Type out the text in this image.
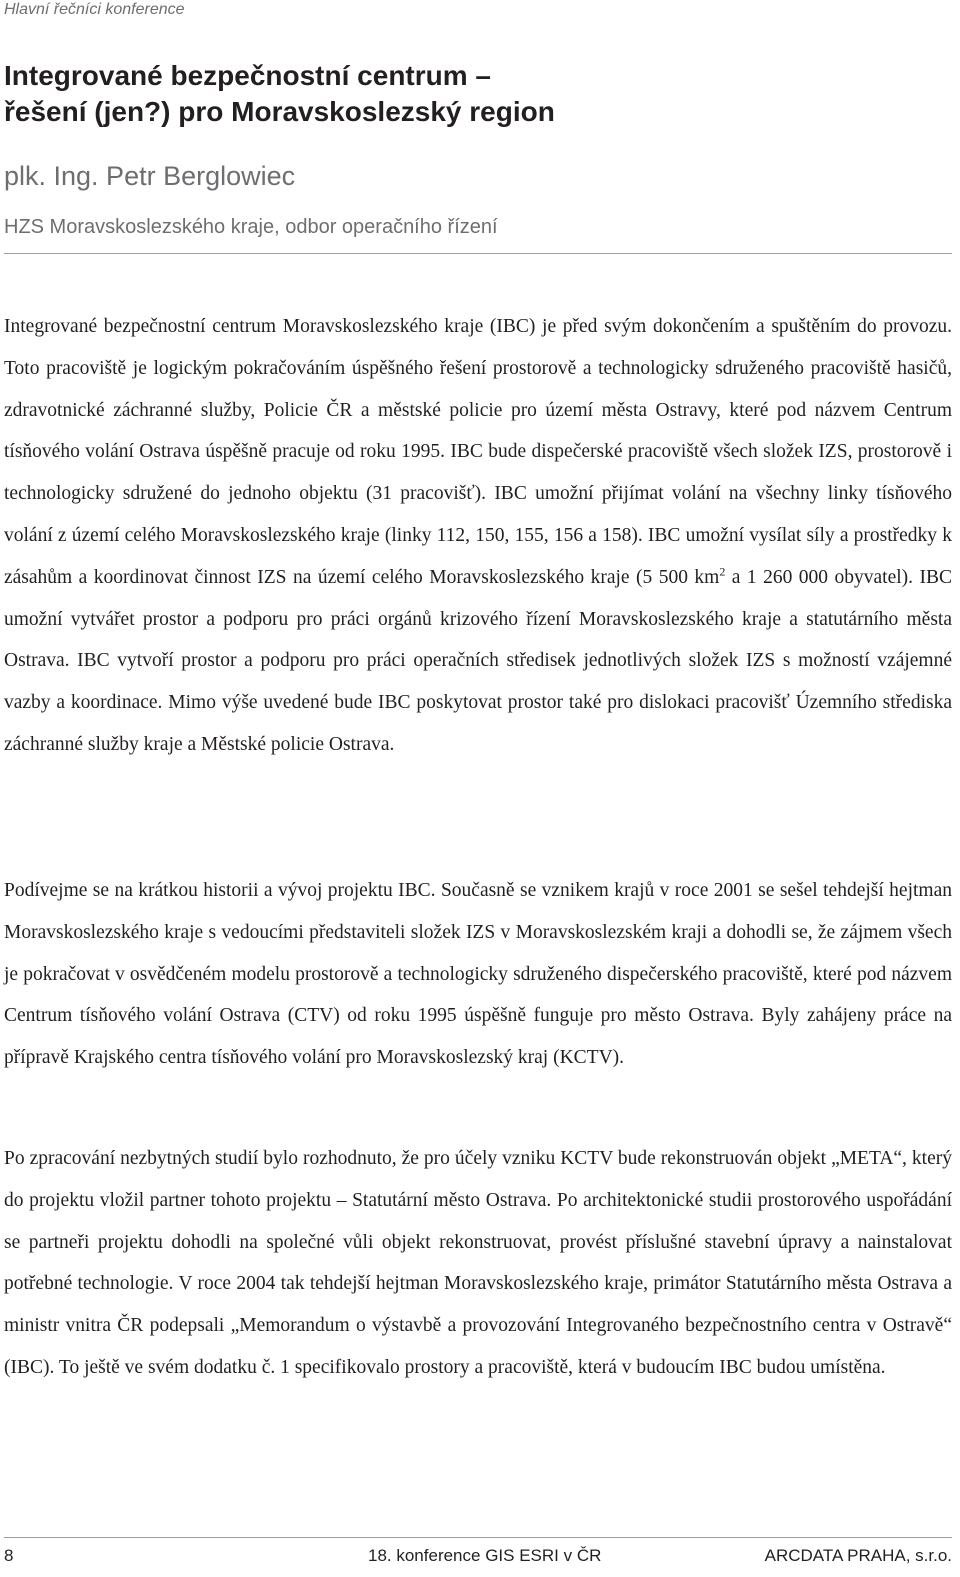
Hlavní řečníci konference
Integrované bezpečnostní centrum –
řešení (jen?) pro Moravskoslezský region
plk. Ing. Petr Berglowiec
HZS Moravskoslezského kraje, odbor operačního řízení

Integrované bezpečnostní centrum Moravskoslezského kraje (IBC) je před svým dokončením a spuštěním do provozu. Toto pracoviště je logickým pokračováním úspěšného řešení prostorově a technologicky sdruženého pracoviště hasičů, zdravotnické záchranné služby, Policie ČR a městské policie pro území města Ostravy, které pod názvem Centrum tísňového volání Ostrava úspěšně pracuje od roku 1995. IBC bude dispečerské pracoviště všech složek IZS, prostorově i technologicky sdružené do jednoho objektu (31 pracovišť). IBC umožní přijímat volání na všechny linky tísňového volání z území celého Moravskoslezského kraje (linky 112, 150, 155, 156 a 158). IBC umožní vysílat síly a prostředky k zásahům a koordinovat činnost IZS na území celého Moravskoslezského kraje (5 500 $km^2$ a 1 260 000 obyvatel). IBC umožní vytvářet prostor a podporu pro práci orgánů krizového řízení Moravskoslezského kraje a statutárního města Ostrava. IBC vytvoří prostor a podporu pro práci operačních středisek jednotlivých složek IZS s možností vzájemné vazby a koordinace. Mimo výše uvedené bude IBC poskytovat prostor také pro dislokaci pracovišť Územního střediska záchranné služby kraje a Městské policie Ostrava.

Podívejme se na krátkou historii a vývoj projektu IBC. Současně se vznikem krajů v roce 2001 se sešel tehdejší hejtman Moravskoslezského kraje s vedoucími představiteli složek IZS v Moravskoslezském kraji a dohodli se, že zájmem všech je pokračovat v osvědčeném modelu prostorově a technologicky sdruženého dispečerského pracoviště, které pod názvem Centrum tísňového volání Ostrava (CTV) od roku 1995 úspěšně funguje pro město Ostrava. Byly zahájeny práce na přípravě Krajského centra tísňového volání pro Moravskoslezský kraj (KCTV).

Po zpracování nezbytných studií bylo rozhodnuto, že pro účely vzniku KCTV bude rekonstruován objekt „META“, který do projektu vložil partner tohoto projektu – Statutární město Ostrava. Po architektonické studii prostorového uspořádání se partneři projektu dohodli na společné vůli objekt rekonstruovat, provést příslušné stavební úpravy a nainstalovat potřebné technologie. V roce 2004 tak tehdejší hejtman Moravskoslezského kraje, primátor Statutárního města Ostrava a ministr vnitra ČR podepsali „Memorandum o výstavbě a provozování Integrovaného bezpečnostního centra v Ostravě“ (IBC). To ještě ve svém dodatku č. 1 specifikovalo prostory a pracoviště, která v budoucím IBC budou umístěna.

8	18. konference GIS ESRI v ČR	ARCDATA PRAHA, s.r.o.
